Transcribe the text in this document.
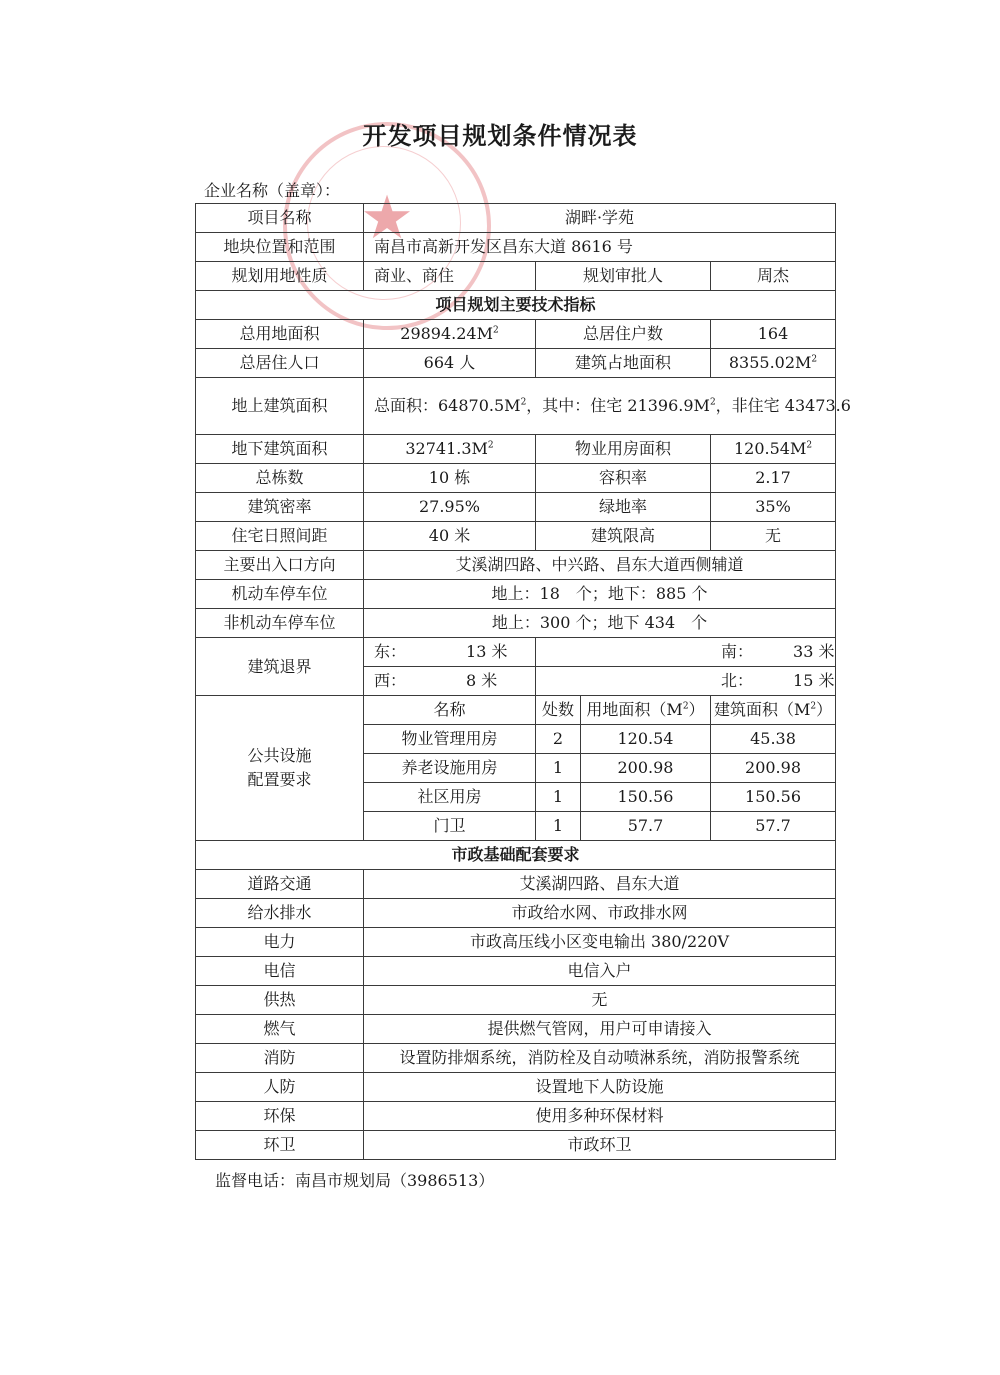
★
开发项目规划条件情况表
企业名称（盖章）：
项目名称	湖畔·学苑			
地块位置和范围	南昌市高新开发区昌东大道 8616 号			
规划用地性质	商业、商住	规划审批人		周杰
项目规划主要技术指标				
总用地面积	$29894.24M^2$	总居住户数		164
总居住人口	664 人	建筑占地面积		$8355.02M^2$
地上建筑面积	总面积：$64870.5M^2$，其中：住宅 $21396.9M^2$，非住宅 43473.6			
地下建筑面积	$32741.3M^2$	物业用房面积		$120.54M^2$
总栋数	10 栋	容积率		2.17
建筑密率	27.95%	绿地率		35%
住宅日照间距	40 米	建筑限高		无
主要出入口方向	艾溪湖四路、中兴路、昌东大道西侧辅道			
机动车停车位	地上：18　个；地下：885 个			
非机动车停车位	地上：300 个；地下 434　个			
建筑退界	东： 13 米	南： 33 米		
	西： 8 米	北： 15 米		
公共设施
配置要求	名称	处数	用地面积$(M^2)$	建筑面积$(M^2)$
	物业管理用房	2	120.54	45.38
	养老设施用房	1	200.98	200.98
	社区用房	1	150.56	150.56
	门卫	1	57.7	57.7
市政基础配套要求				
道路交通	艾溪湖四路、昌东大道			
给水排水	市政给水网、市政排水网			
电力	市政高压线小区变电输出 380/220V			
电信	电信入户			
供热	无			
燃气	提供燃气管网，用户可申请接入			
消防	设置防排烟系统，消防栓及自动喷淋系统，消防报警系统			
人防	设置地下人防设施			
环保	使用多种环保材料			
环卫	市政环卫			
监督电话：南昌市规划局（3986513）
